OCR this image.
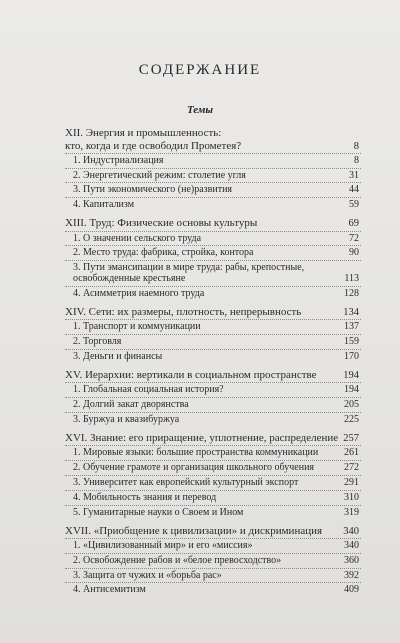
СОДЕРЖАНИЕ
Темы
XII. Энергия и промышленность:
кто, когда и где освободил Прометея?	8
1. Индустриализация	8
2. Энергетический режим: столетие угля	31
3. Пути экономического (не)развития	44
4. Капитализм	59
XIII. Труд: Физические основы культуры	69
1. О значении сельского труда	72
2. Место труда: фабрика, стройка, контора	90
3. Пути эмансипации в мире труда: рабы, крепостные,
освобожденные крестьяне	113
4. Асимметрия наемного труда	128
XIV. Сети: их размеры, плотность, непрерывность	134
1. Транспорт и коммуникации	137
2. Торговля	159
3. Деньги и финансы	170
XV. Иерархии: вертикали в социальном пространстве	194
1. Глобальная социальная история?	194
2. Долгий закат дворянства	205
3. Буржуа и квазибуржуа	225
XVI. Знание: его приращение, уплотнение, распределение 257
1. Мировые языки: большие пространства коммуникации	261
2. Обучение грамоте и организация школьного обучения	272
3. Университет как европейский культурный экспорт	291
4. Мобильность знания и перевод	310
5. Гуманитарные науки о Своем и Ином	319
XVII. «Приобщение к цивилизации» и дискриминация 340
1. «Цивилизованный мир» и его «миссия»	340
2. Освобождение рабов и «белое превосходство»	360
3. Защита от чужих и «борьба рас»	392
4. Антисемитизм	409
